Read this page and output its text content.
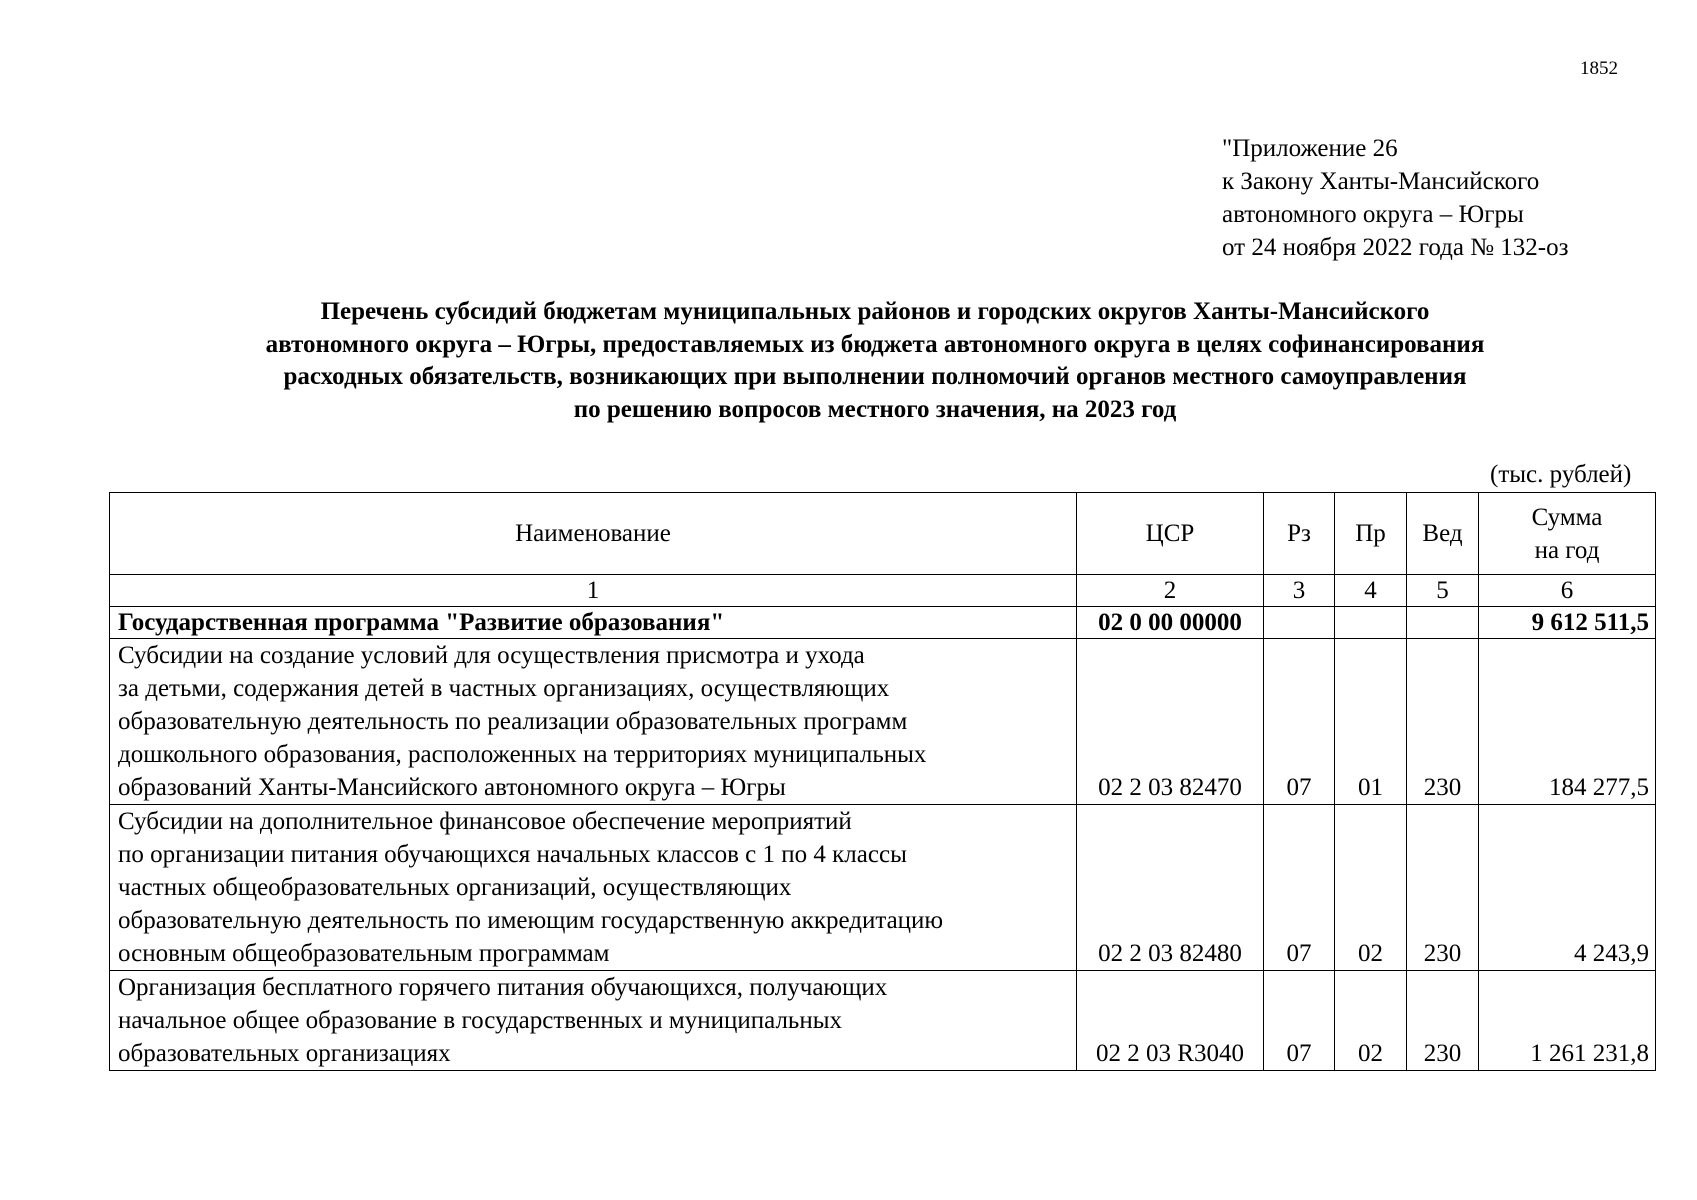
1852
"Приложение 26
к Закону Ханты-Мансийского
автономного округа – Югры
от 24 ноября 2022 года № 132-оз
Перечень субсидий бюджетам муниципальных районов и городских округов Ханты-Мансийского
автономного округа – Югры, предоставляемых из бюджета автономного округа в целях софинансирования
расходных обязательств, возникающих при выполнении полномочий органов местного самоуправления
по решению вопросов местного значения, на 2023 год
(тыс. рублей)
Наименование	ЦСР	Рз	Пр	Вед	Сумма
на год

1	2	3	4	5	6
Государственная программа "Развитие образования"	02 0 00 00000				9 612 511,5

Субсидии на создание условий для осуществления присмотра и ухода
за детьми, содержания детей в частных организациях, осуществляющих
образовательную деятельность по реализации образовательных программ
дошкольного образования, расположенных на территориях муниципальных
образований Ханты-Мансийского автономного округа – Югры	02 2 03 82470	07	01	230	184 277,5

Субсидии на дополнительное финансовое обеспечение мероприятий
по организации питания обучающихся начальных классов с 1 по 4 классы
частных общеобразовательных организаций, осуществляющих
образовательную деятельность по имеющим государственную аккредитацию
основным общеобразовательным программам	02 2 03 82480	07	02	230	4 243,9

Организация бесплатного горячего питания обучающихся, получающих
начальное общее образование в государственных и муниципальных
образовательных организациях	02 2 03 R3040	07	02	230	1 261 231,8
